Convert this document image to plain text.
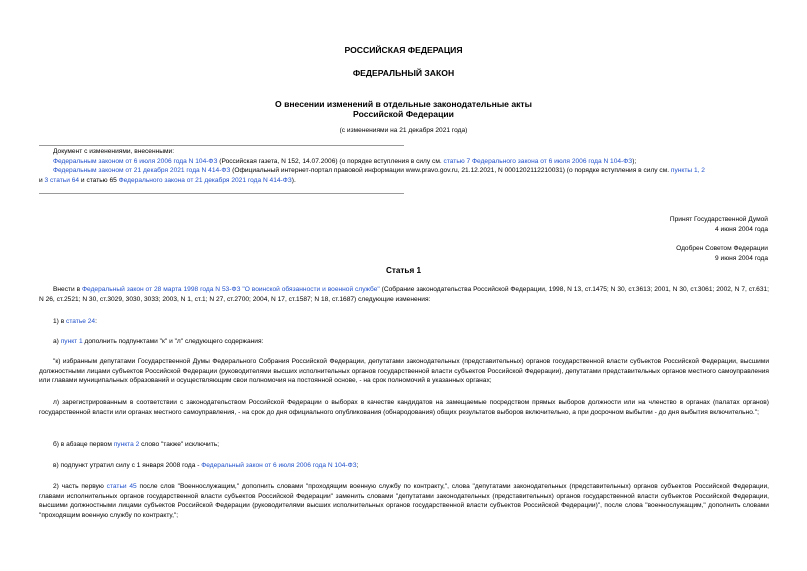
РОССИЙСКАЯ ФЕДЕРАЦИЯ
ФЕДЕРАЛЬНЫЙ ЗАКОН
О внесении изменений в отдельные законодательные акты
Российской Федерации
(с изменениями на 21 декабря 2021 года)

Документ с изменениями, внесенными:

Федеральным законом от 6 июля 2006 года N 104-ФЗ (Российская газета, N 152, 14.07.2006) (о порядке вступления в силу см. статью 7 Федерального закона от 6 июля 2006 года N 104-ФЗ);

Федеральным законом от 21 декабря 2021 года N 414-ФЗ (Официальный интернет-портал правовой информации www.pravo.gov.ru, 21.12.2021, N 0001202112210031) (о порядке вступления в силу см. пункты 1, 2
и 3 статьи 64 и статью 65 Федерального закона от 21 декабря 2021 года N 414-ФЗ).

Принят Государственной Думой
4 июня 2004 года
Одобрен Советом Федерации
9 июня 2004 года
Статья 1

Внести в Федеральный закон от 28 марта 1998 года N 53-ФЗ "О воинской обязанности и военной службе" (Собрание законодательства Российской Федерации, 1998, N 13, ст.1475; N 30, ст.3613; 2001, N 30, ст.3061; 2002, N 7, ст.631; N 26, ст.2521; N 30, ст.3029, 3030, 3033; 2003, N 1, ст.1; N 27, ст.2700; 2004, N 17, ст.1587; N 18, ст.1687) следующие изменения:

1) в статье 24:

а) пункт 1 дополнить подпунктами "к" и "л" следующего содержания:

"к) избранным депутатами Государственной Думы Федерального Собрания Российской Федерации, депутатами законодательных (представительных) органов государственной власти субъектов Российской Федерации, высшими должностными лицами субъектов Российской Федерации (руководителями высших исполнительных органов государственной власти субъектов Российской Федерации), депутатами представительных органов местного самоуправления или главами муниципальных образований и осуществляющим свои полномочия на постоянной основе, - на срок полномочий в указанных органах;

л) зарегистрированным в соответствии с законодательством Российской Федерации о выборах в качестве кандидатов на замещаемые посредством прямых выборов должности или на членство в органах (палатах органов) государственной власти или органах местного самоуправления, - на срок до дня официального опубликования (обнародования) общих результатов выборов включительно, а при досрочном выбытии - до дня выбытия включительно.";

б) в абзаце первом пункта 2 слово "также" исключить;

в) подпункт утратил силу с 1 января 2008 года - Федеральный закон от 6 июля 2006 года N 104-ФЗ;

2) часть первую статьи 45 после слов "Военнослужащим," дополнить словами "проходящим военную службу по контракту,", слова "депутатами законодательных (представительных) органов субъектов Российской Федерации, главами исполнительных органов государственной власти субъектов Российской Федерации" заменить словами "депутатами законодательных (представительных) органов государственной власти субъектов Российской Федерации, высшими должностными лицами субъектов Российской Федерации (руководителями высших исполнительных органов государственной власти субъектов Российской Федерации)", после слова "военнослужащим," дополнить словами "проходящим военную службу по контракту,";
